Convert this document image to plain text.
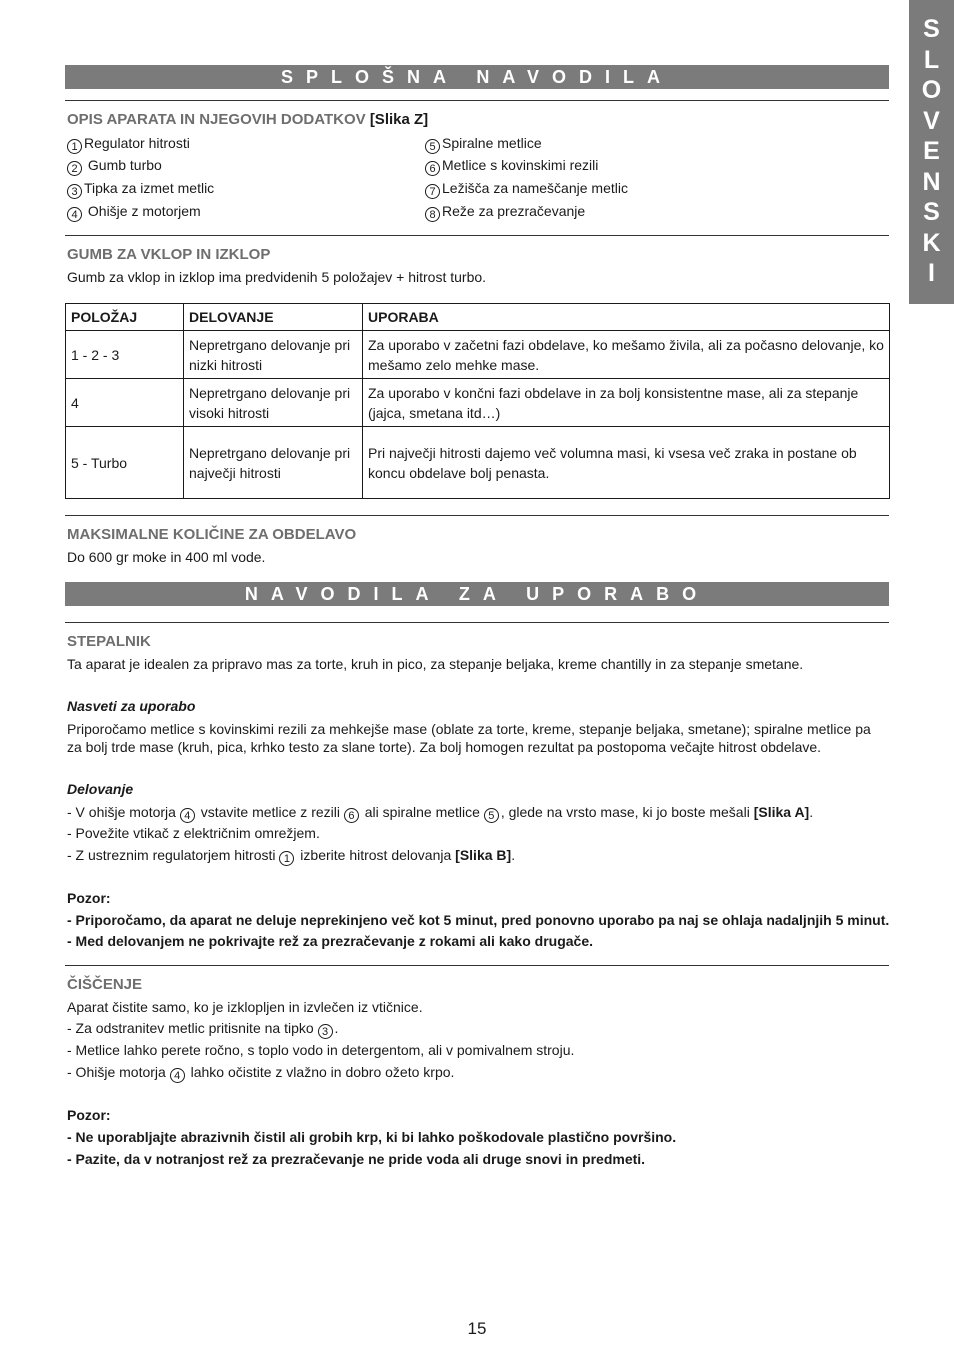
S
L
O
V
E
N
S
K
I
SPLOŠNA NAVODILA
OPIS APARATA IN NJEGOVIH DODATKOV [Slika Z]
1 Regulator hitrosti
2 Gumb turbo
3 Tipka za izmet metlic
4 Ohišje z motorjem
5 Spiralne metlice
6 Metlice s kovinskimi rezili
7 Ležišča za nameščanje metlic
8 Reže za prezračevanje
GUMB ZA VKLOP IN IZKLOP
Gumb za vklop in izklop ima predvidenih 5 položajev + hitrost turbo.
POLOŽAJ	DELOVANJE	UPORABA
1 - 2 - 3	Nepretrgano delovanje pri nizki hitrosti	Za uporabo v začetni fazi obdelave, ko mešamo živila, ali za počasno delovanje, ko mešamo zelo mehke mase.
4	Nepretrgano delovanje pri visoki hitrosti	Za uporabo v končni fazi obdelave in za bolj konsistentne mase, ali za stepanje (jajca, smetana itd…)
5 - Turbo	Nepretrgano delovanje pri največji hitrosti	Pri največji hitrosti dajemo več volumna masi, ki vsesa več zraka in postane ob koncu obdelave bolj penasta.
MAKSIMALNE KOLIČINE ZA OBDELAVO
Do 600 gr moke in 400 ml vode.
NAVODILA ZA UPORABO
STEPALNIK
Ta aparat je idealen za pripravo mas za torte, kruh in pico, za stepanje beljaka, kreme chantilly in za stepanje smetane.
Nasveti za uporabo
Priporočamo metlice s kovinskimi rezili za mehkejše mase (oblate za torte, kreme, stepanje beljaka, smetane); spiralne metlice pa za bolj trde mase (kruh, pica, krhko testo za slane torte). Za bolj homogen rezultat pa postopoma večajte hitrost obdelave.
Delovanje
- V ohišje motorja 4 vstavite metlice z rezili 6 ali spiralne metlice 5 , glede na vrsto mase, ki jo boste mešali [Slika A].
- Povežite vtikač z električnim omrežjem.
- Z ustreznim regulatorjem hitrosti 1 izberite hitrost delovanja [Slika B].
Pozor:
- Priporočamo, da aparat ne deluje neprekinjeno več kot 5 minut, pred ponovno uporabo pa naj se ohlaja nadaljnjih 5 minut.
- Med delovanjem ne pokrivajte rež za prezračevanje z rokami ali kako drugače.
ČIŠČENJE
Aparat čistite samo, ko je izklopljen in izvlečen iz vtičnice.
- Za odstranitev metlic pritisnite na tipko 3 .
- Metlice lahko perete ročno, s toplo vodo in detergentom, ali v pomivalnem stroju.
- Ohišje motorja 4 lahko očistite z vlažno in dobro ožeto krpo.
Pozor:
- Ne uporabljajte abrazivnih čistil ali grobih krp, ki bi lahko poškodovale plastično površino.
- Pazite, da v notranjost rež za prezračevanje ne pride voda ali druge snovi in predmeti.
15
